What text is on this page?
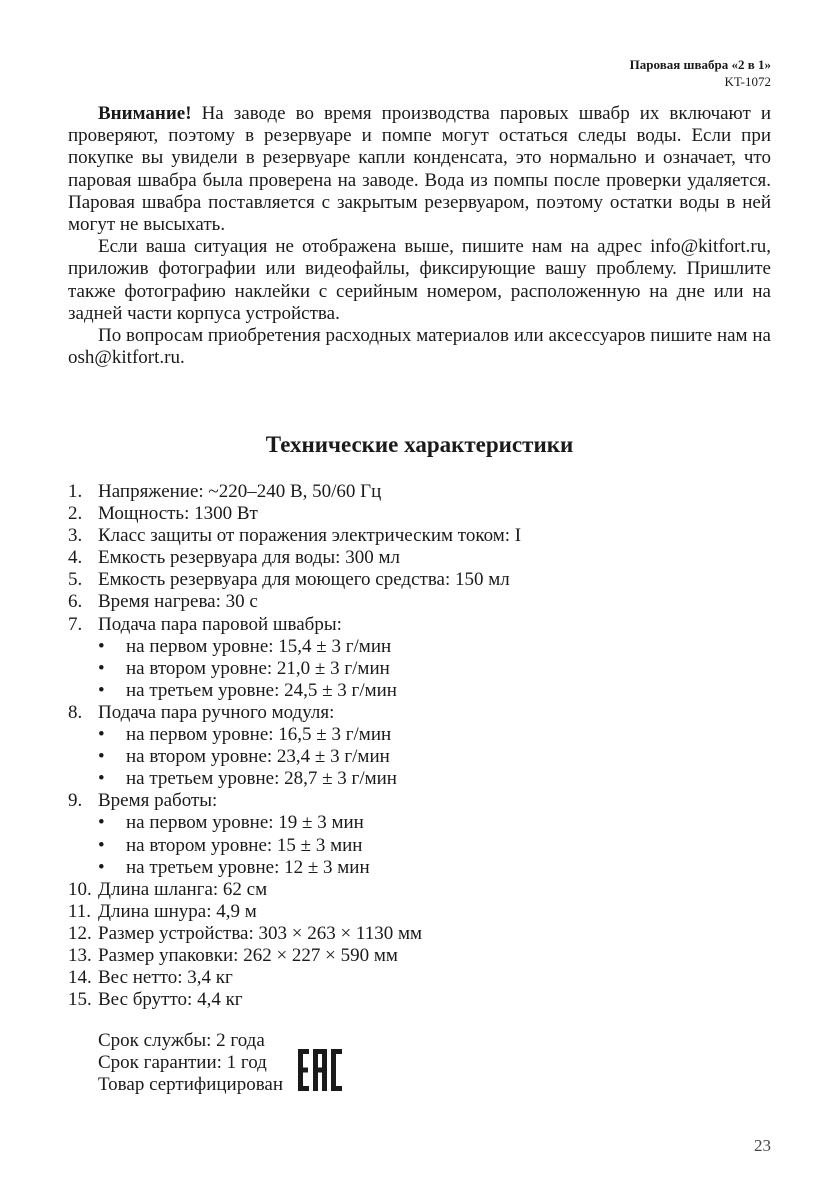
Паровая швабра «2 в 1»
KT-1072

Внимание! На заводе во время производства паровых швабр их включают и проверяют, поэтому в резервуаре и помпе могут остаться следы воды. Если при покупке вы увидели в резервуаре капли конденсата, это нормально и означает, что паровая швабра была проверена на заводе. Вода из помпы после проверки удаляется. Паровая швабра поставляется с закрытым резервуаром, поэтому остатки воды в ней могут не высыхать.

Если ваша ситуация не отображена выше, пишите нам на адрес info@kitfort.ru, приложив фотографии или видеофайлы, фиксирующие вашу проблему. Пришлите также фотографию наклейки с серийным номером, расположенную на дне или на задней части корпуса устройства.

По вопросам приобретения расходных материалов или аксессуаров пишите нам на osh@kitfort.ru.

Технические характеристики
1. Напряжение: ~220–240 В, 50/60 Гц
2. Мощность: 1300 Вт
3. Класс защиты от поражения электрическим током: I
4. Емкость резервуара для воды: 300 мл
5. Емкость резервуара для моющего средства: 150 мл
6. Время нагрева: 30 с
7. Подача пара паровой швабры:
• на первом уровне: 15,4 ± 3 г/мин
• на втором уровне: 21,0 ± 3 г/мин
• на третьем уровне: 24,5 ± 3 г/мин
8. Подача пара ручного модуля:
• на первом уровне: 16,5 ± 3 г/мин
• на втором уровне: 23,4 ± 3 г/мин
• на третьем уровне: 28,7 ± 3 г/мин
9. Время работы:
• на первом уровне: 19 ± 3 мин
• на втором уровне: 15 ± 3 мин
• на третьем уровне: 12 ± 3 мин
10. Длина шланга: 62 см
11. Длина шнура: 4,9 м
12. Размер устройства: 303 × 263 × 1130 мм
13. Размер упаковки: 262 × 227 × 590 мм
14. Вес нетто: 3,4 кг
15. Вес брутто: 4,4 кг
Срок службы: 2 года
Срок гарантии: 1 год
Товар сертифицирован
23
